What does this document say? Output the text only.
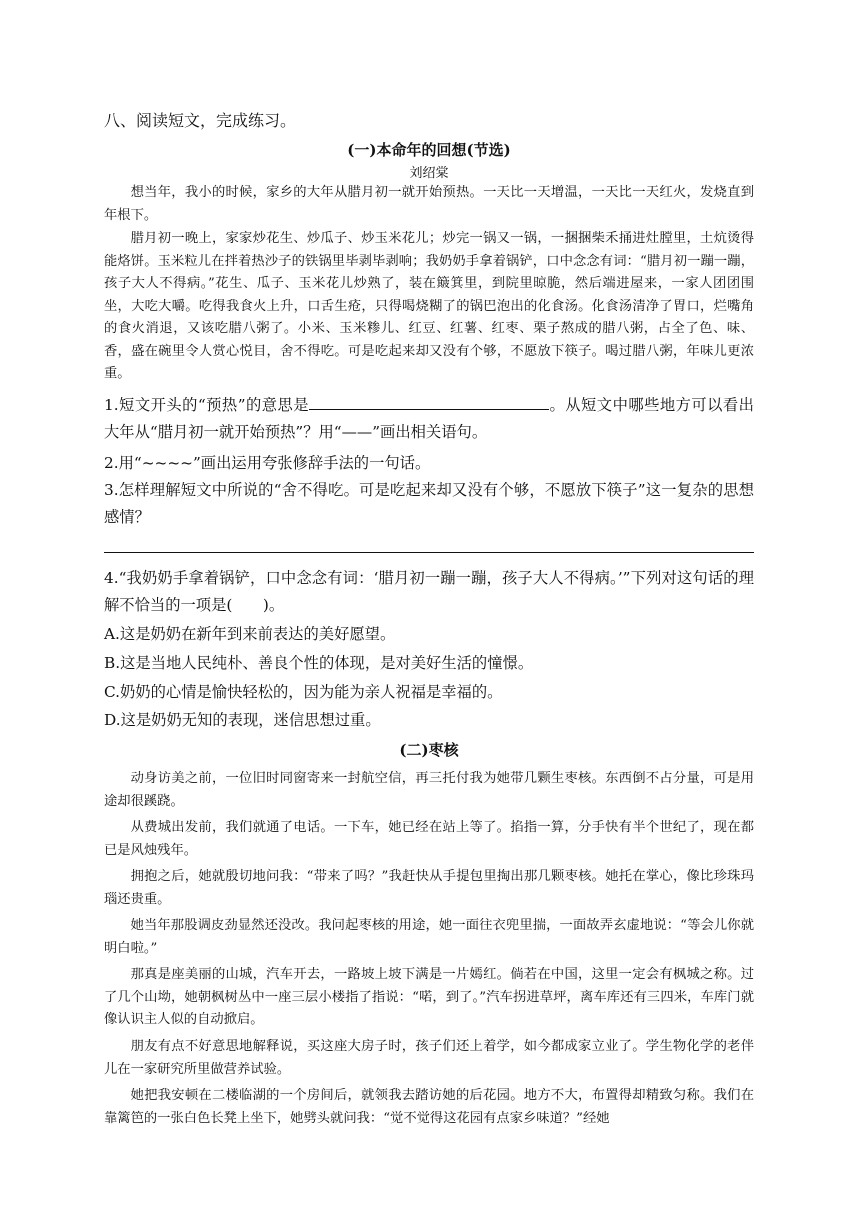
八、阅读短文，完成练习。
(一)本命年的回想(节选)
刘绍棠

想当年，我小的时候，家乡的大年从腊月初一就开始预热。一天比一天增温，一天比一天红火，发烧直到年根下。

腊月初一晚上，家家炒花生、炒瓜子、炒玉米花儿；炒完一锅又一锅，一捆捆柴禾捅进灶膛里，土炕烫得能烙饼。玉米粒儿在拌着热沙子的铁锅里毕剥毕剥响；我奶奶手拿着锅铲，口中念念有词：“腊月初一蹦一蹦，孩子大人不得病。”花生、瓜子、玉米花儿炒熟了，装在簸箕里，到院里晾脆，然后端进屋来，一家人团团围坐，大吃大嚼。吃得我食火上升，口舌生疮，只得喝烧糊了的锅巴泡出的化食汤。化食汤清净了胃口，烂嘴角的食火消退，又该吃腊八粥了。小米、玉米糁儿、红豆、红薯、红枣、栗子熬成的腊八粥，占全了色、味、香，盛在碗里令人赏心悦目，舍不得吃。可是吃起来却又没有个够，不愿放下筷子。喝过腊八粥，年味儿更浓重。

1.短文开头的“预热”的意思是	。从短文中哪些地方可以看出大年从“腊月初一就开始预热”？用“——”画出相关语句。

2.用“~~~~”画出运用夸张修辞手法的一句话。

3.怎样理解短文中所说的“舍不得吃。可是吃起来却又没有个够，不愿放下筷子”这一复杂的思想感情？

4.“我奶奶手拿着锅铲，口中念念有词：‘腊月初一蹦一蹦，孩子大人不得病。’”下列对这句话的理解不恰当的一项是(　　)。

A.这是奶奶在新年到来前表达的美好愿望。

B.这是当地人民纯朴、善良个性的体现，是对美好生活的憧憬。

C.奶奶的心情是愉快轻松的，因为能为亲人祝福是幸福的。

D.这是奶奶无知的表现，迷信思想过重。

(二)枣核

动身访美之前，一位旧时同窗寄来一封航空信，再三托付我为她带几颗生枣核。东西倒不占分量，可是用途却很蹊跷。

从费城出发前，我们就通了电话。一下车，她已经在站上等了。掐指一算，分手快有半个世纪了，现在都已是风烛残年。

拥抱之后，她就殷切地问我：“带来了吗？”我赶快从手提包里掏出那几颗枣核。她托在掌心，像比珍珠玛瑙还贵重。

她当年那股调皮劲显然还没改。我问起枣核的用途，她一面往衣兜里揣，一面故弄玄虚地说：“等会儿你就明白啦。”

那真是座美丽的山城，汽车开去，一路坡上坡下满是一片嫣红。倘若在中国，这里一定会有枫城之称。过了几个山坳，她朝枫树丛中一座三层小楼指了指说：“喏，到了。”汽车拐进草坪，离车库还有三四米，车库门就像认识主人似的自动掀启。

朋友有点不好意思地解释说，买这座大房子时，孩子们还上着学，如今都成家立业了。学生物化学的老伴儿在一家研究所里做营养试验。

她把我安顿在二楼临湖的一个房间后，就领我去踏访她的后花园。地方不大，布置得却精致匀称。我们在靠篱笆的一张白色长凳上坐下，她劈头就问我：“觉不觉得这花园有点家乡味道？”经她
